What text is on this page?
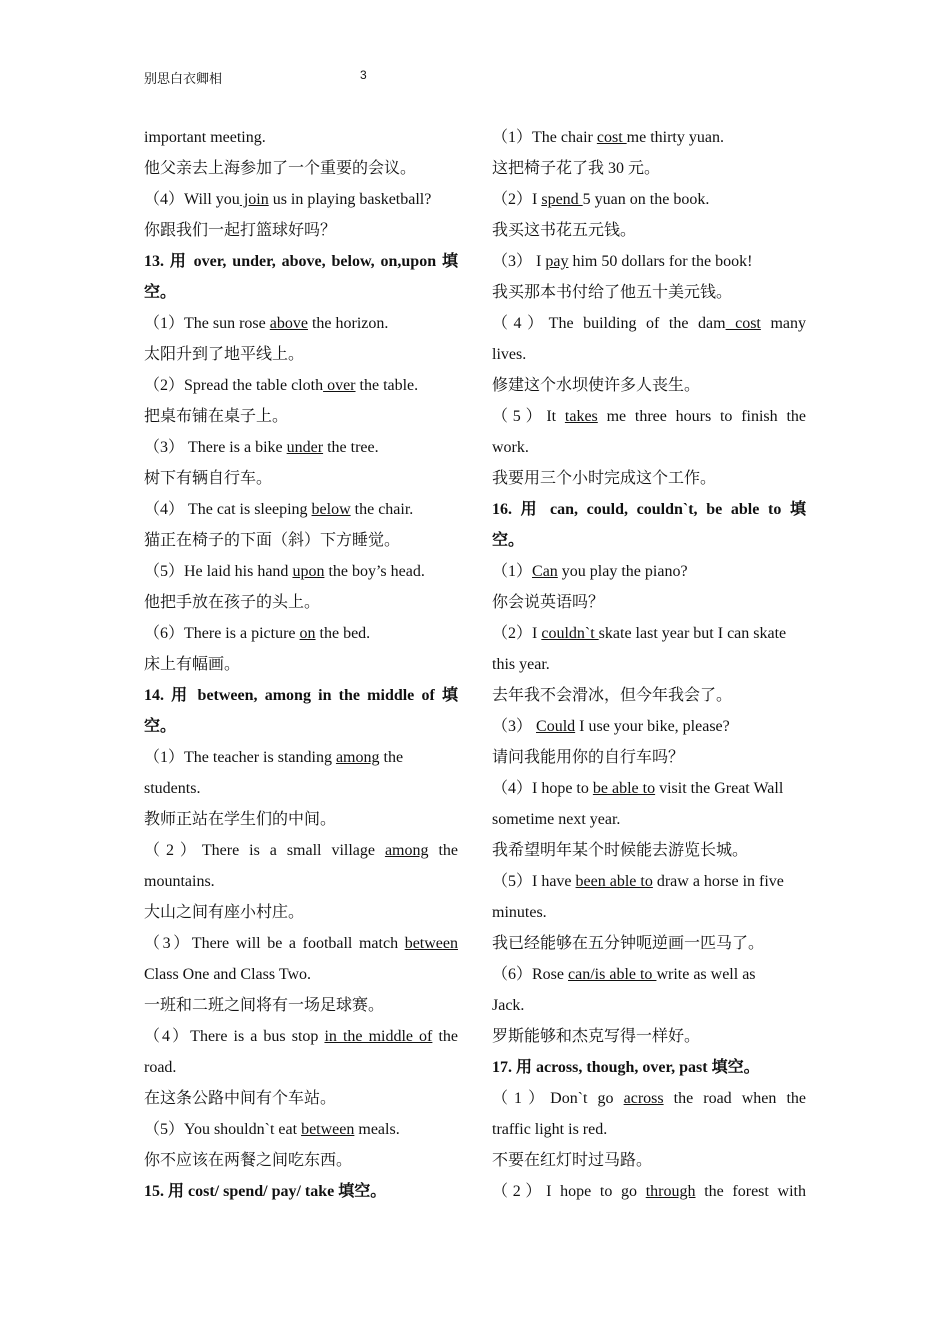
别思白衣卿相	3
important meeting.
他父亲去上海参加了一个重要的会议。
（4）Will you join us in playing basketball?
你跟我们一起打篮球好吗？
13. 用 over, under, above, below, on,upon 填
空。
（1）The sun rose above the horizon.
太阳升到了地平线上。
（2）Spread the table cloth over the table.
把桌布铺在桌子上。
（3） There is a bike under the tree.
树下有辆自行车。
（4） The cat is sleeping below the chair.
猫正在椅子的下面（斜）下方睡觉。
（5）He laid his hand upon the boy’s head.
他把手放在孩子的头上。
（6）There is a picture on the bed.
床上有幅画。
14. 用 between, among in the middle of 填
空。
（1）The teacher is standing among the
students.
教师正站在学生们的中间。
（2）There is a small village among the
mountains.
大山之间有座小村庄。
（3）There will be a football match between
Class One and Class Two.
一班和二班之间将有一场足球赛。
（4）There is a bus stop in the middle of the
road.
在这条公路中间有个车站。
（5）You shouldn`t eat between meals.
你不应该在两餐之间吃东西。
15. 用 cost/ spend/ pay/ take 填空。
（1）The chair cost me thirty yuan.
这把椅子花了我 30 元。
（2）I spend 5 yuan on the book.
我买这书花五元钱。
（3） I pay him 50 dollars for the book!
我买那本书付给了他五十美元钱。
（4）The building of the dam cost many
lives.
修建这个水坝使许多人丧生。
（5）It takes me three hours to finish the
work.
我要用三个小时完成这个工作。
16. 用 can, could, couldn`t, be able to 填
空。
（1）Can you play the piano?
你会说英语吗？
（2）I couldn`t skate last year but I can skate
this year.
去年我不会滑冰，但今年我会了。
（3） Could I use your bike, please?
请问我能用你的自行车吗？
（4）I hope to be able to visit the Great Wall
sometime next year.
我希望明年某个时候能去游览长城。
（5）I have been able to draw a horse in five
minutes.
我已经能够在五分钟呃逆画一匹马了。
（6）Rose can/is able to write as well as
Jack.
罗斯能够和杰克写得一样好。
17. 用 across, though, over, past 填空。
（1）Don`t go across the road when the
traffic light is red.
不要在红灯时过马路。
（2）I hope to go through the forest with
